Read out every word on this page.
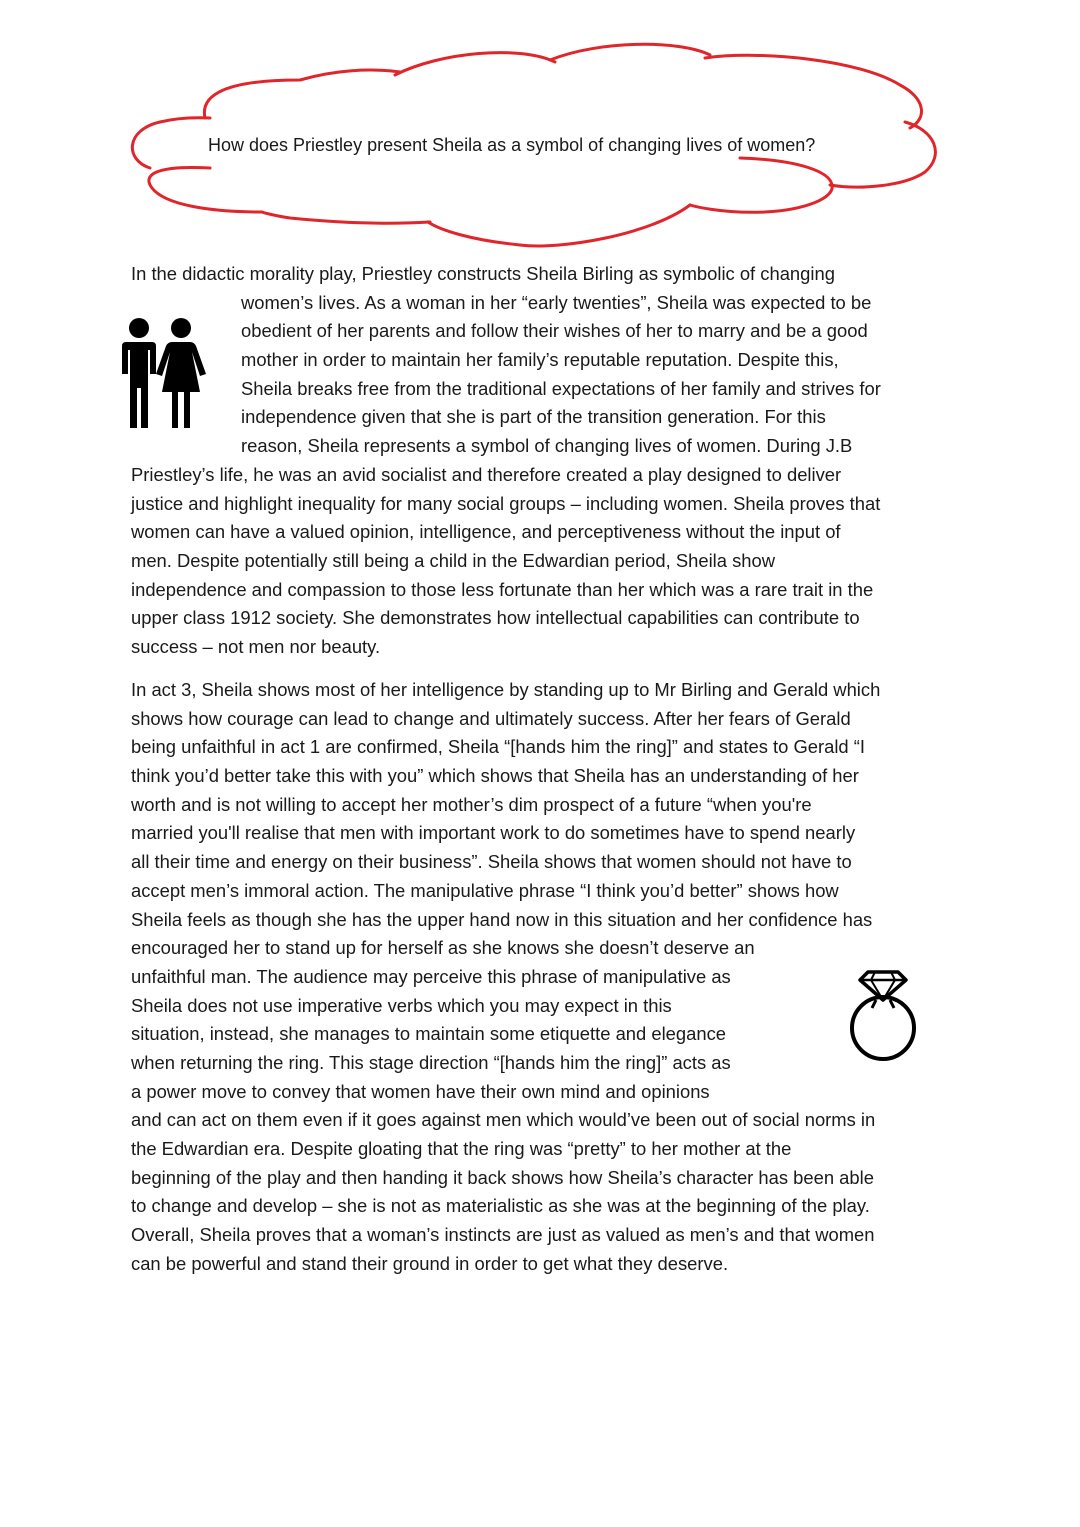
How does Priestley present Sheila as a symbol of changing lives of women?
In the didactic morality play, Priestley constructs Sheila Birling as symbolic of changing
women’s lives. As a woman in her “early twenties”, Sheila was expected to be
obedient of her parents and follow their wishes of her to marry and be a good
mother in order to maintain her family’s reputable reputation. Despite this,
Sheila breaks free from the traditional expectations of her family and strives for
independence given that she is part of the transition generation. For this
reason, Sheila represents a symbol of changing lives of women. During J.B
Priestley’s life, he was an avid socialist and therefore created a play designed to deliver
justice and highlight inequality for many social groups – including women. Sheila proves that
women can have a valued opinion, intelligence, and perceptiveness without the input of
men. Despite potentially still being a child in the Edwardian period, Sheila show
independence and compassion to those less fortunate than her which was a rare trait in the
upper class 1912 society. She demonstrates how intellectual capabilities can contribute to
success – not men nor beauty.
In act 3, Sheila shows most of her intelligence by standing up to Mr Birling and Gerald which
shows how courage can lead to change and ultimately success. After her fears of Gerald
being unfaithful in act 1 are confirmed, Sheila “[hands him the ring]” and states to Gerald “I
think you’d better take this with you” which shows that Sheila has an understanding of her
worth and is not willing to accept her mother’s dim prospect of a future “when you're
married you'll realise that men with important work to do sometimes have to spend nearly
all their time and energy on their business”. Sheila shows that women should not have to
accept men’s immoral action. The manipulative phrase “I think you’d better” shows how
Sheila feels as though she has the upper hand now in this situation and her confidence has
encouraged her to stand up for herself as she knows she doesn’t deserve an
unfaithful man. The audience may perceive this phrase of manipulative as
Sheila does not use imperative verbs which you may expect in this
situation, instead, she manages to maintain some etiquette and elegance
when returning the ring. This stage direction “[hands him the ring]” acts as
a power move to convey that women have their own mind and opinions
and can act on them even if it goes against men which would’ve been out of social norms in
the Edwardian era. Despite gloating that the ring was “pretty” to her mother at the
beginning of the play and then handing it back shows how Sheila’s character has been able
to change and develop – she is not as materialistic as she was at the beginning of the play.
Overall, Sheila proves that a woman’s instincts are just as valued as men’s and that women
can be powerful and stand their ground in order to get what they deserve.
